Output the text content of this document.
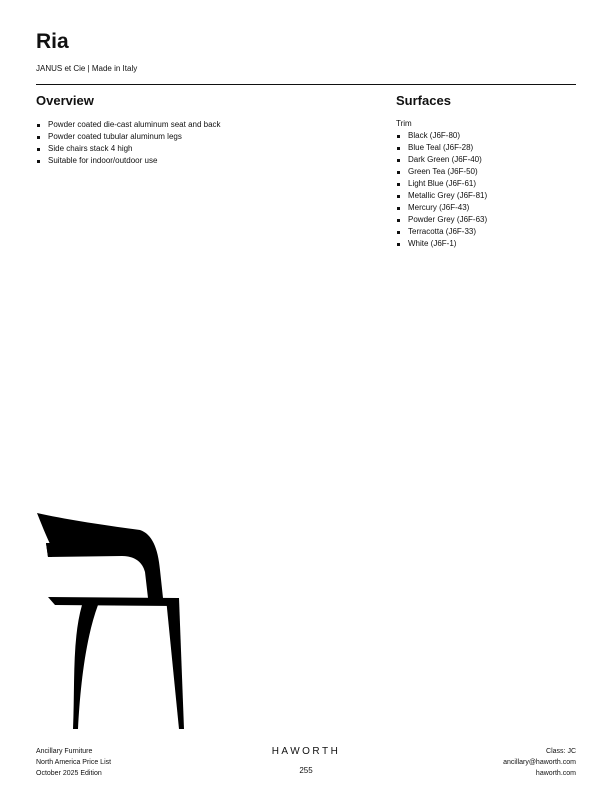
Ria
JANUS et Cie | Made in Italy
Overview
Powder coated die-cast aluminum seat and back
Powder coated tubular aluminum legs
Side chairs stack 4 high
Suitable for indoor/outdoor use
Surfaces
Trim
Black (J6F-80)
Blue Teal (J6F-28)
Dark Green (J6F-40)
Green Tea (J6F-50)
Light Blue (J6F-61)
Metallic Grey (J6F-81)
Mercury (J6F-43)
Powder Grey (J6F-63)
Terracotta (J6F-33)
White (J6F-1)
Ancillary Furniture
North America Price List
October 2025 Edition
HAWORTH
255
Class: JC
ancillary@haworth.com
haworth.com
